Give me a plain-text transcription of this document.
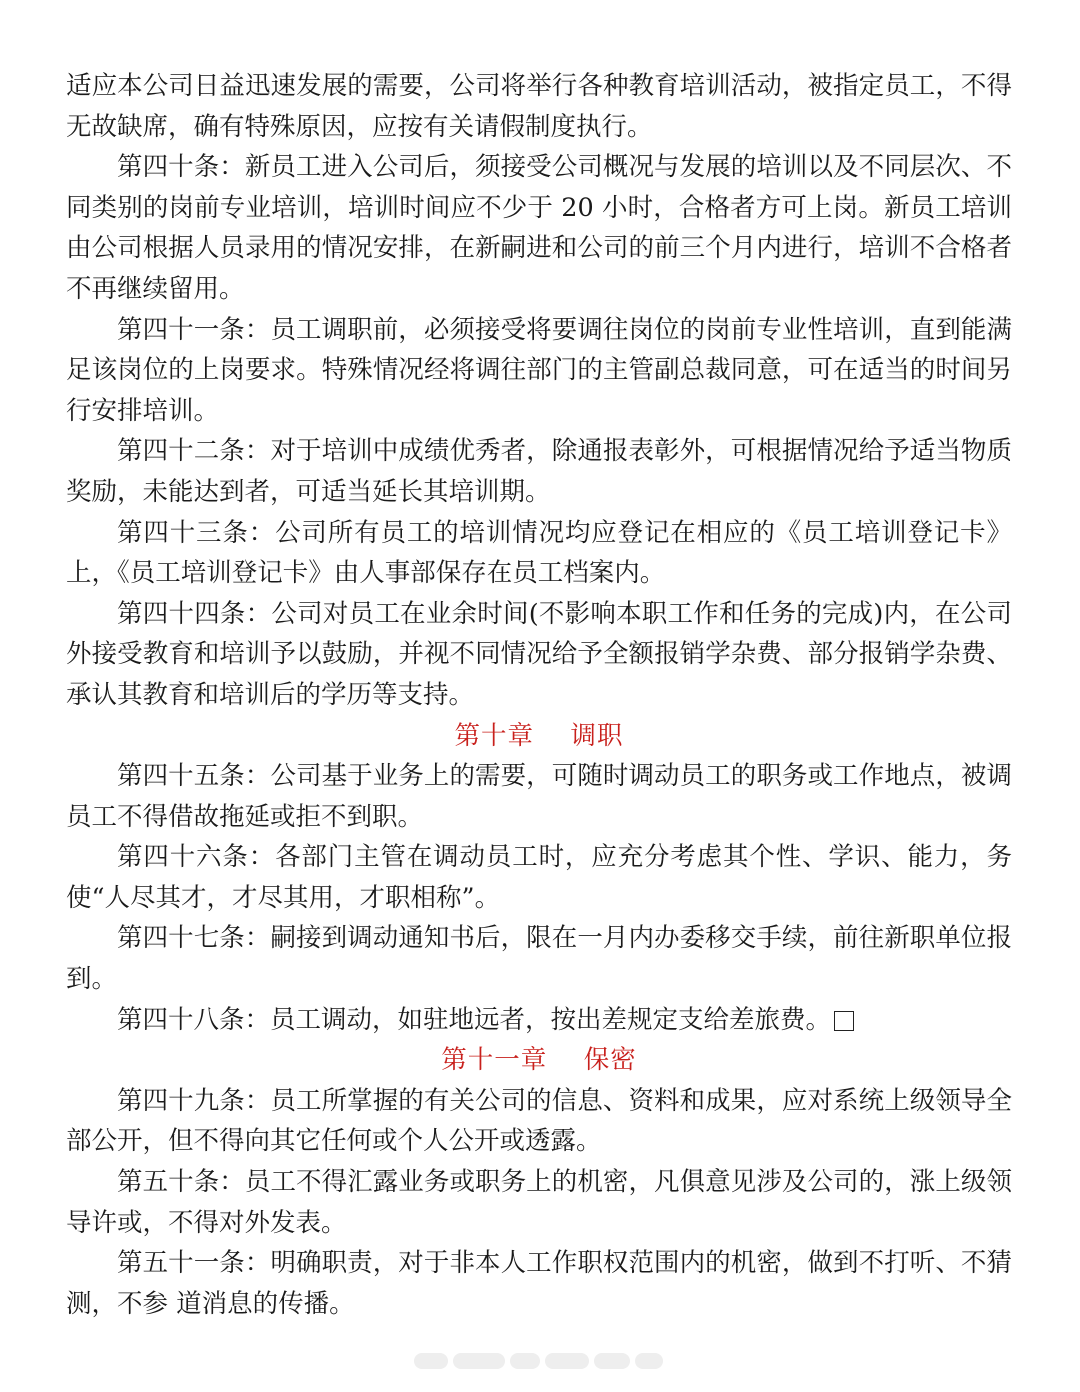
适应本公司日益迅速发展的需要，公司将举行各种教育培训活动，被指定员工，不得无故缺席，确有特殊原因，应按有关请假制度执行。

第四十条：新员工进入公司后，须接受公司概况与发展的培训以及不同层次、不同类别的岗前专业培训，培训时间应不少于 20 小时，合格者方可上岗。新员工培训由公司根据人员录用的情况安排，在新嗣进和公司的前三个月内进行，培训不合格者不再继续留用。

第四十一条：员工调职前，必须接受将要调往岗位的岗前专业性培训，直到能满足该岗位的上岗要求。特殊情况经将调往部门的主管副总裁同意，可在适当的时间另行安排培训。

第四十二条：对于培训中成绩优秀者，除通报表彰外，可根据情况给予适当物质奖励，未能达到者，可适当延长其培训期。

第四十三条：公司所有员工的培训情况均应登记在相应的《员工培训登记卡》上，《员工培训登记卡》由人事部保存在员工档案内。

第四十四条：公司对员工在业余时间(不影响本职工作和任务的完成)内，在公司外接受教育和培训予以鼓励，并视不同情况给予全额报销学杂费、部分报销学杂费、承认其教育和培训后的学历等支持。

第十章    调职

第四十五条：公司基于业务上的需要，可随时调动员工的职务或工作地点，被调员工不得借故拖延或拒不到职。

第四十六条：各部门主管在调动员工时，应充分考虑其个性、学识、能力，务使“人尽其才，才尽其用，才职相称”。

第四十七条：嗣接到调动通知书后，限在一月内办委移交手续，前往新职单位报到。

第四十八条：员工调动，如驻地远者，按出差规定支给差旅费。

第十一章    保密

第四十九条：员工所掌握的有关公司的信息、资料和成果，应对系统上级领导全部公开，但不得向其它任何或个人公开或透露。

第五十条：员工不得汇露业务或职务上的机密，凡俱意见涉及公司的，涨上级领导许或，不得对外发表。

第五十一条：明确职责，对于非本人工作职权范围内的机密，做到不打听、不猜测，不参 道消息的传播。
